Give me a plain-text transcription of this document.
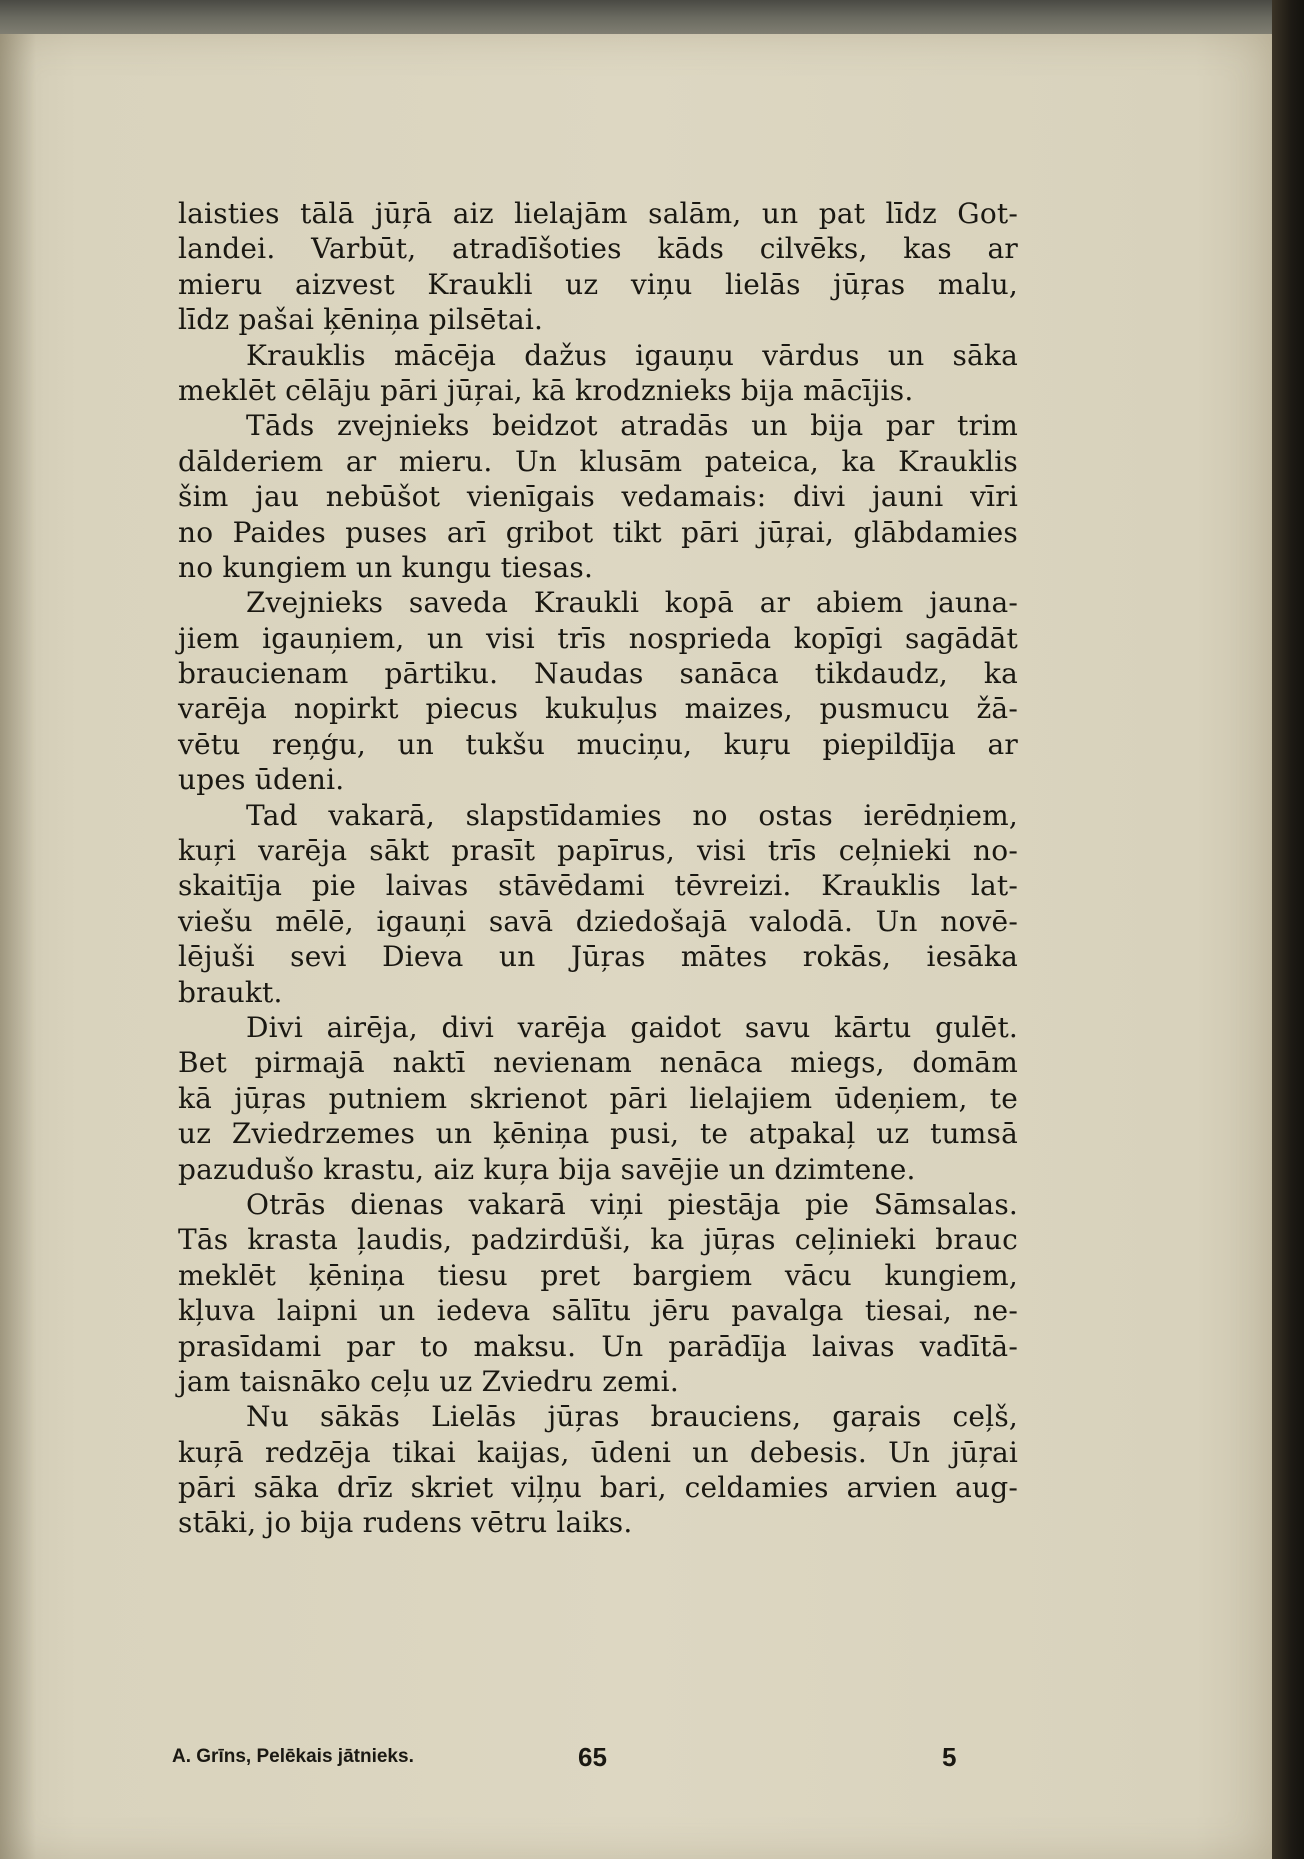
laisties tālā jūŗā aiz lielajām salām, un pat līdz Got-
landei. Varbūt, atradīšoties kāds cilvēks, kas ar
mieru aizvest Kraukli uz viņu lielās jūŗas malu,
līdz pašai ķēniņa pilsētai.
Krauklis mācēja dažus igauņu vārdus un sāka
meklēt cēlāju pāri jūŗai, kā krodznieks bija mācījis.
Tāds zvejnieks beidzot atradās un bija par trim
dālderiem ar mieru. Un klusām pateica, ka Krauklis
šim jau nebūšot vienīgais vedamais: divi jauni vīri
no Paides puses arī gribot tikt pāri jūŗai, glābdamies
no kungiem un kungu tiesas.
Zvejnieks saveda Kraukli kopā ar abiem jauna-
jiem igauņiem, un visi trīs nosprieda kopīgi sagādāt
braucienam pārtiku. Naudas sanāca tikdaudz, ka
varēja nopirkt piecus kukuļus maizes, pusmucu žā-
vētu reņģu, un tukšu muciņu, kuŗu piepildīja ar
upes ūdeni.
Tad vakarā, slapstīdamies no ostas ierēdņiem,
kuŗi varēja sākt prasīt papīrus, visi trīs ceļnieki no-
skaitīja pie laivas stāvēdami tēvreizi. Krauklis lat-
viešu mēlē, igauņi savā dziedošajā valodā. Un novē-
lējuši sevi Dieva un Jūŗas mātes rokās, iesāka
braukt.
Divi airēja, divi varēja gaidot savu kārtu gulēt.
Bet pirmajā naktī nevienam nenāca miegs, domām
kā jūŗas putniem skrienot pāri lielajiem ūdeņiem, te
uz Zviedrzemes un ķēniņa pusi, te atpakaļ uz tumsā
pazudušo krastu, aiz kuŗa bija savējie un dzimtene.
Otrās dienas vakarā viņi piestāja pie Sāmsalas.
Tās krasta ļaudis, padzirdūši, ka jūŗas ceļinieki brauc
meklēt ķēniņa tiesu pret bargiem vācu kungiem,
kļuva laipni un iedeva sālītu jēru pavalga tiesai, ne-
prasīdami par to maksu. Un parādīja laivas vadītā-
jam taisnāko ceļu uz Zviedru zemi.
Nu sākās Lielās jūŗas brauciens, gaŗais ceļš,
kuŗā redzēja tikai kaijas, ūdeni un debesis. Un jūŗai
pāri sāka drīz skriet viļņu bari, celdamies arvien aug-
stāki, jo bija rudens vētru laiks.
A. Grīns, Pelēkais jātnieks.	65	5
